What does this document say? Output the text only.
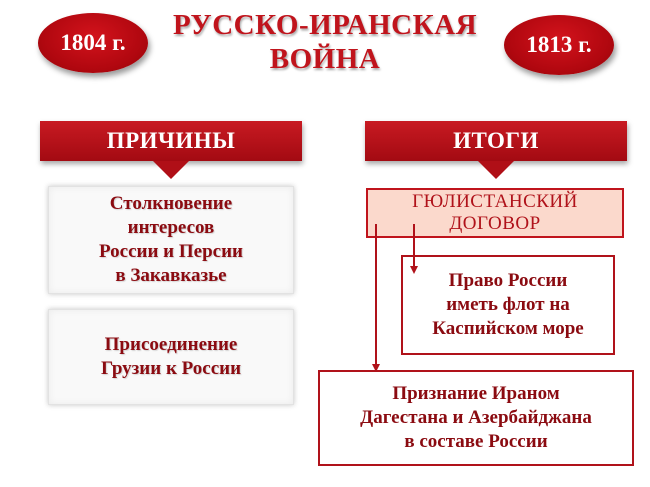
РУССКО-ИРАНСКАЯ
ВОЙНА
1804 г.	1813 г.
ПРИЧИНЫ
Столкновение
интересов
России и Персии
в Закавказье
Присоединение
Грузии к России
ИТОГИ
ГЮЛИСТАНСКИЙ
ДОГОВОР
Право России
иметь флот на
Каспийском море
Признание Ираном
Дагестана и Азербайджана
в составе России
